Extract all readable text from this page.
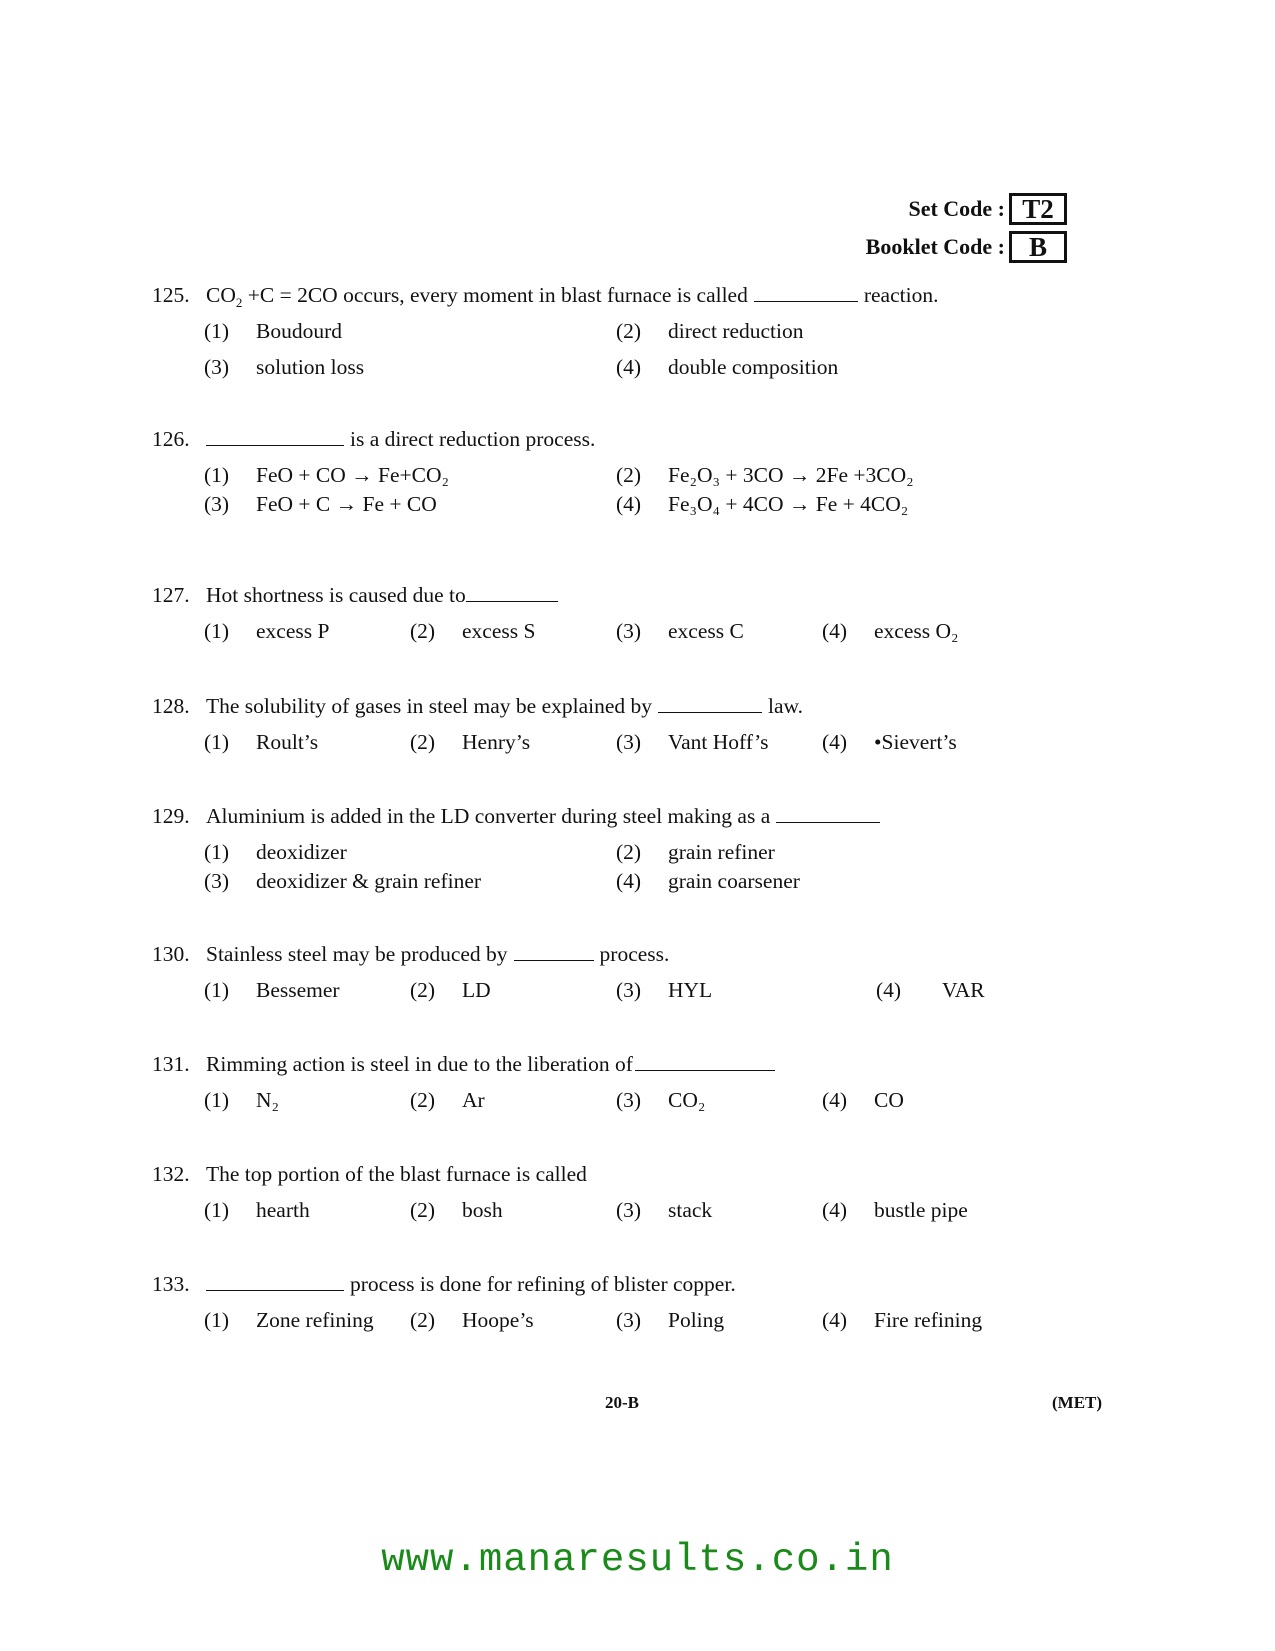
Set Code : T2
Booklet Code : B
125. $CO_2 +C = 2CO$ occurs, every moment in blast furnace is called	reaction.
(1) Boudourd	(2) direct reduction
(3) solution loss	(4) double composition
126.	is a direct reduction process.
(1) FeO + CO → Fe+CO₂	(2) Fe₂O₃ + 3CO → 2Fe +3CO₂
(3) FeO + C → Fe + CO	(4) Fe₃O₄ + 4CO → Fe + 4CO₂
127. Hot shortness is caused due to
(1) excess P	(2) excess S	(3) excess C	(4) excess O₂
128. The solubility of gases in steel may be explained by	law.
(1) Roult’s	(2) Henry’s	(3) Vant Hoff’s (4) •Sievert’s
129. Aluminium is added in the LD converter during steel making as a
(1) deoxidizer	(2) grain refiner
(3) deoxidizer & grain refiner	(4) grain coarsener
130. Stainless steel may be produced by	process.
(1) Bessemer	(2) LD	(3) HYL	(4) VAR
131. Rimming action is steel in due to the liberation of
(1) N₂	(2) Ar	(3) CO₂	(4) CO
132. The top portion of the blast furnace is called
(1) hearth	(2) bosh	(3) stack	(4) bustle pipe
133.	process is done for refining of blister copper.
(1) Zone refining (2) Hoope’s	(3) Poling	(4) Fire refining
20-B	(MET)
www.manaresults.co.in
